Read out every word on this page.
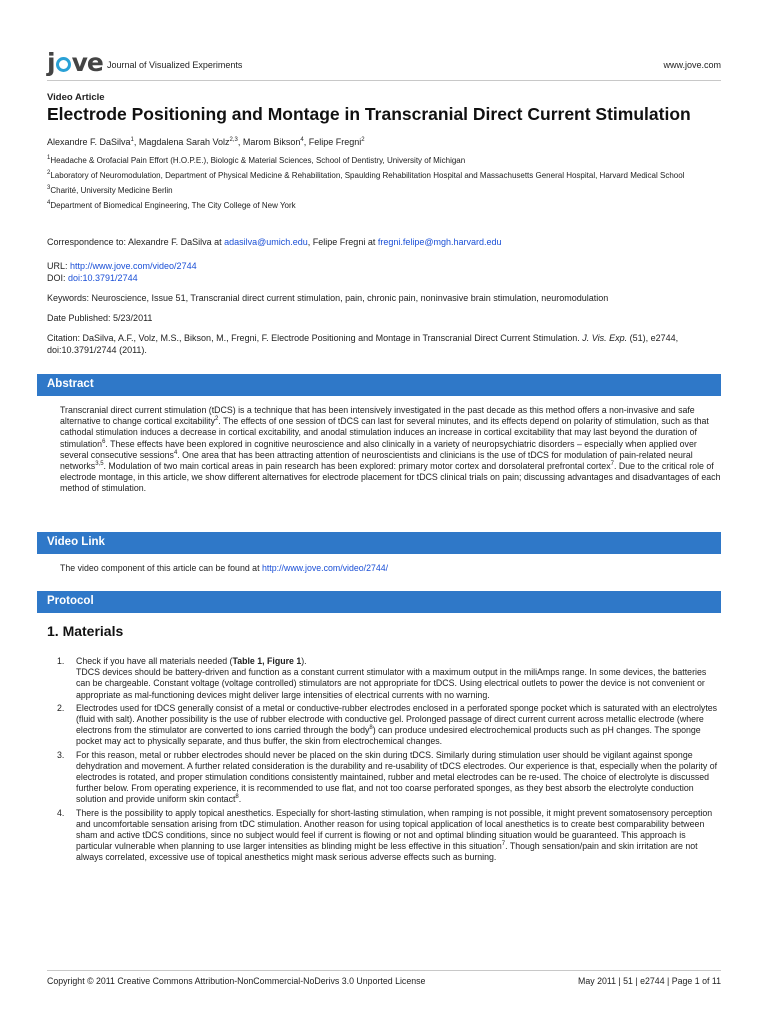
j ve Journal of Visualized Experiments	www.jove.com
Video Article
Electrode Positioning and Montage in Transcranial Direct Current Stimulation
Alexandre F. DaSilva$^1$, Magdalena Sarah Volz$^{2,3}$, Marom Bikson$^4$, Felipe Fregni$^2$
$^1$Headache & Orofacial Pain Effort (H.O.P.E.), Biologic & Material Sciences, School of Dentistry, University of Michigan
$^2$Laboratory of Neuromodulation, Department of Physical Medicine & Rehabilitation, Spaulding Rehabilitation Hospital and Massachusetts General Hospital, Harvard Medical School
$^3$Charité, University Medicine Berlin
$^4$Department of Biomedical Engineering, The City College of New York
Correspondence to: Alexandre F. DaSilva at adasilva@umich.edu, Felipe Fregni at fregni.felipe@mgh.harvard.edu
URL: http://www.jove.com/video/2744
DOI: doi:10.3791/2744
Keywords: Neuroscience, Issue 51, Transcranial direct current stimulation, pain, chronic pain, noninvasive brain stimulation, neuromodulation
Date Published: 5/23/2011
Citation: DaSilva, A.F., Volz, M.S., Bikson, M., Fregni, F. Electrode Positioning and Montage in Transcranial Direct Current Stimulation. J. Vis. Exp. (51), e2744, doi:10.3791/2744 (2011).
Abstract
Transcranial direct current stimulation (tDCS) is a technique that has been intensively investigated in the past decade as this method offers a non-invasive and safe alternative to change cortical excitability$^2$. The effects of one session of tDCS can last for several minutes, and its effects depend on polarity of stimulation, such as that cathodal stimulation induces a decrease in cortical excitability, and anodal stimulation induces an increase in cortical excitability that may last beyond the duration of stimulation$^6$. These effects have been explored in cognitive neuroscience and also clinically in a variety of neuropsychiatric disorders – especially when applied over several consecutive sessions$^4$. One area that has been attracting attention of neuroscientists and clinicians is the use of tDCS for modulation of pain-related neural networks$^{3,5}$. Modulation of two main cortical areas in pain research has been explored: primary motor cortex and dorsolateral prefrontal cortex$^7$. Due to the critical role of electrode montage, in this article, we show different alternatives for electrode placement for tDCS clinical trials on pain; discussing advantages and disadvantages of each method of stimulation.
Video Link
The video component of this article can be found at http://www.jove.com/video/2744/
Protocol
1. Materials
1. Check if you have all materials needed (Table 1, Figure 1).
TDCS devices should be battery-driven and function as a constant current stimulator with a maximum output in the miliAmps range. In some devices, the batteries can be chargeable. Constant voltage (voltage controlled) stimulators are not appropriate for tDCS. Using electrical outlets to power the device is not convenient or appropriate as mal-functioning devices might deliver large intensities of electrical currents with no warning.
2. Electrodes used for tDCS generally consist of a metal or conductive-rubber electrodes enclosed in a perforated sponge pocket which is saturated with an electrolytes (fluid with salt). Another possibility is the use of rubber electrode with conductive gel. Prolonged passage of direct current current across metallic electrode (where electrons from the stimulator are converted to ions carried through the body$^8$) can produce undesired electrochemical products such as pH changes. The sponge pocket may act to physically separate, and thus buffer, the skin from electrochemical changes.
3. For this reason, metal or rubber electrodes should never be placed on the skin during tDCS. Similarly during stimulation user should be vigilant against sponge dehydration and movement. A further related consideration is the durability and re-usability of tDCS electrodes. Our experience is that, especially when the polarity of electrodes is rotated, and proper stimulation conditions consistently maintained, rubber and metal electrodes can be re-used. The choice of electrolyte is discussed further below. From operating experience, it is recommended to use flat, and not too coarse perforated sponges, as they best absorb the electrolyte conduction solution and provide uniform skin contact$^8$.
4. There is the possibility to apply topical anesthetics. Especially for short-lasting stimulation, when ramping is not possible, it might prevent somatosensory perception and uncomfortable sensation arising from tDC stimulation. Another reason for using topical application of local anesthetics is to create best comparability between sham and active tDCS conditions, since no subject would feel if current is flowing or not and optimal blinding situation would be guaranteed. This approach is particular vulnerable when planning to use larger intensities as blinding might be less effective in this situation$^7$. Though sensation/pain and skin irritation are not always correlated, excessive use of topical anesthetics might mask serious adverse effects such as burning.
Copyright © 2011 Creative Commons Attribution-NonCommercial-NoDerivs 3.0 Unported License	May 2011 | 51 | e2744 | Page 1 of 11
